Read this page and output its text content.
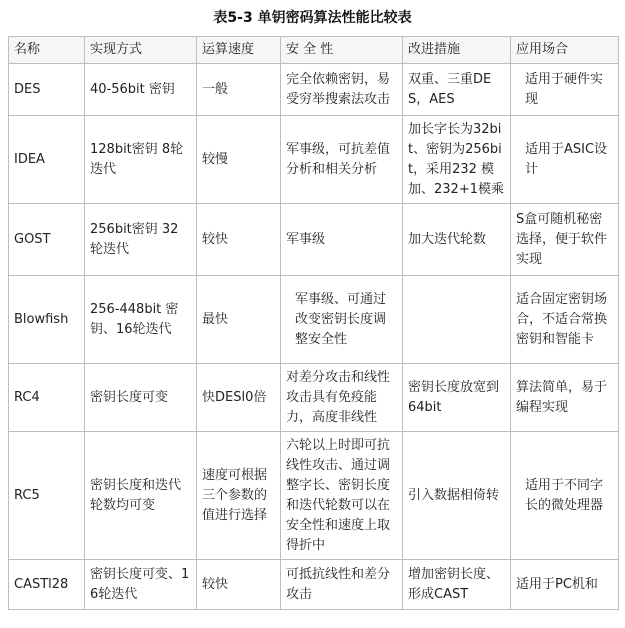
表5-3 单钥密码算法性能比较表
名称	实现方式	运算速度	安 全 性	改进措施	应用场合
DES	40-56bit 密钥	一般	完全依赖密钥，易受穷举搜索法攻击	双重、三重DES，AES	适用于硬件实现
IDEA	128bit密钥 8轮迭代	较慢	军事级，可抗差值分析和相关分析	加长字长为32bit、密钥为256bit，采用232 模加、232+1模乘	适用于ASIC设计
GOST	256bit密钥 32轮迭代	较快	军事级	加大迭代轮数	S盒可随机秘密选择，便于软件实现
Blowfish	256-448bit 密钥、16轮迭代	最快	军事级、可通过改变密钥长度调整安全性		适合固定密钥场合，不适合常换密钥和智能卡
RC4	密钥长度可变	快DESl0倍	对差分攻击和线性攻击具有免疫能力，高度非线性	密钥长度放宽到64bit	算法简单，易于编程实现
RC5	密钥长度和迭代轮数均可变	速度可根据三个参数的值进行选择	六轮以上时即可抗线性攻击、通过调整字长、密钥长度和迭代轮数可以在安全性和速度上取得折中	引入数据相倚转	适用于不同字长的微处理器
CASTl28	密钥长度可变、16轮迭代	较快	可抵抗线性和差分攻击	增加密钥长度、形成CAST	适用于PC机和
